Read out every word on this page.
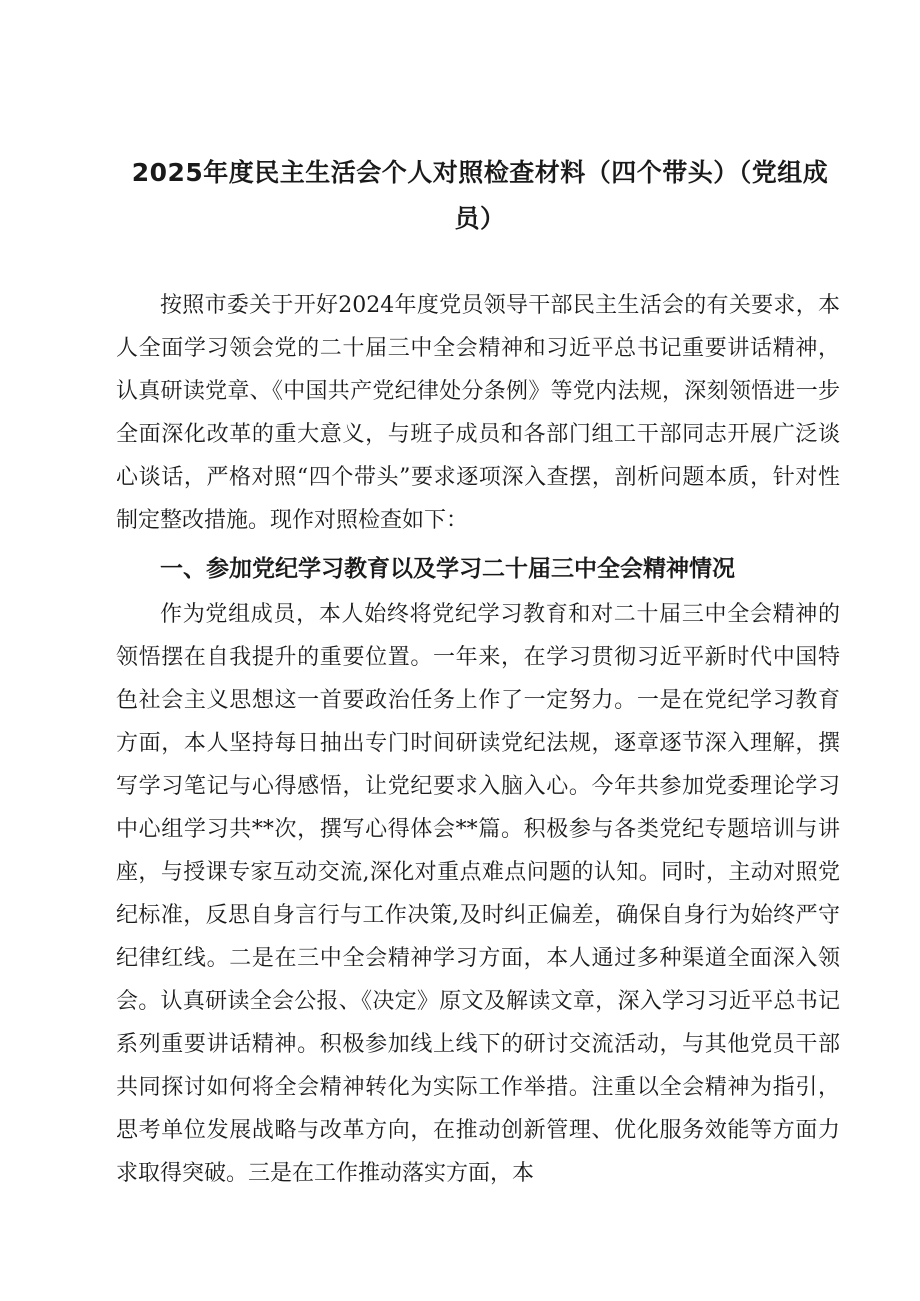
2025年度民主生活会个人对照检查材料（四个带头）（党组成员）

按照市委关于开好2024年度党员领导干部民主生活会的有关要求，本人全面学习领会党的二十届三中全会精神和习近平总书记重要讲话精神，认真研读党章、《中国共产党纪律处分条例》等党内法规，深刻领悟进一步全面深化改革的重大意义，与班子成员和各部门组工干部同志开展广泛谈心谈话，严格对照“四个带头”要求逐项深入查摆，剖析问题本质，针对性制定整改措施。现作对照检查如下：

一、参加党纪学习教育以及学习二十届三中全会精神情况

作为党组成员，本人始终将党纪学习教育和对二十届三中全会精神的领悟摆在自我提升的重要位置。一年来，在学习贯彻习近平新时代中国特色社会主义思想这一首要政治任务上作了一定努力。一是在党纪学习教育方面，本人坚持每日抽出专门时间研读党纪法规，逐章逐节深入理解，撰写学习笔记与心得感悟，让党纪要求入脑入心。今年共参加党委理论学习中心组学习共**次，撰写心得体会**篇。积极参与各类党纪专题培训与讲座，与授课专家互动交流,深化对重点难点问题的认知。同时，主动对照党纪标准，反思自身言行与工作决策,及时纠正偏差，确保自身行为始终严守纪律红线。二是在三中全会精神学习方面，本人通过多种渠道全面深入领会。认真研读全会公报、《决定》原文及解读文章，深入学习习近平总书记系列重要讲话精神。积极参加线上线下的研讨交流活动，与其他党员干部共同探讨如何将全会精神转化为实际工作举措。注重以全会精神为指引，思考单位发展战略与改革方向，在推动创新管理、优化服务效能等方面力求取得突破。三是在工作推动落实方面，本
